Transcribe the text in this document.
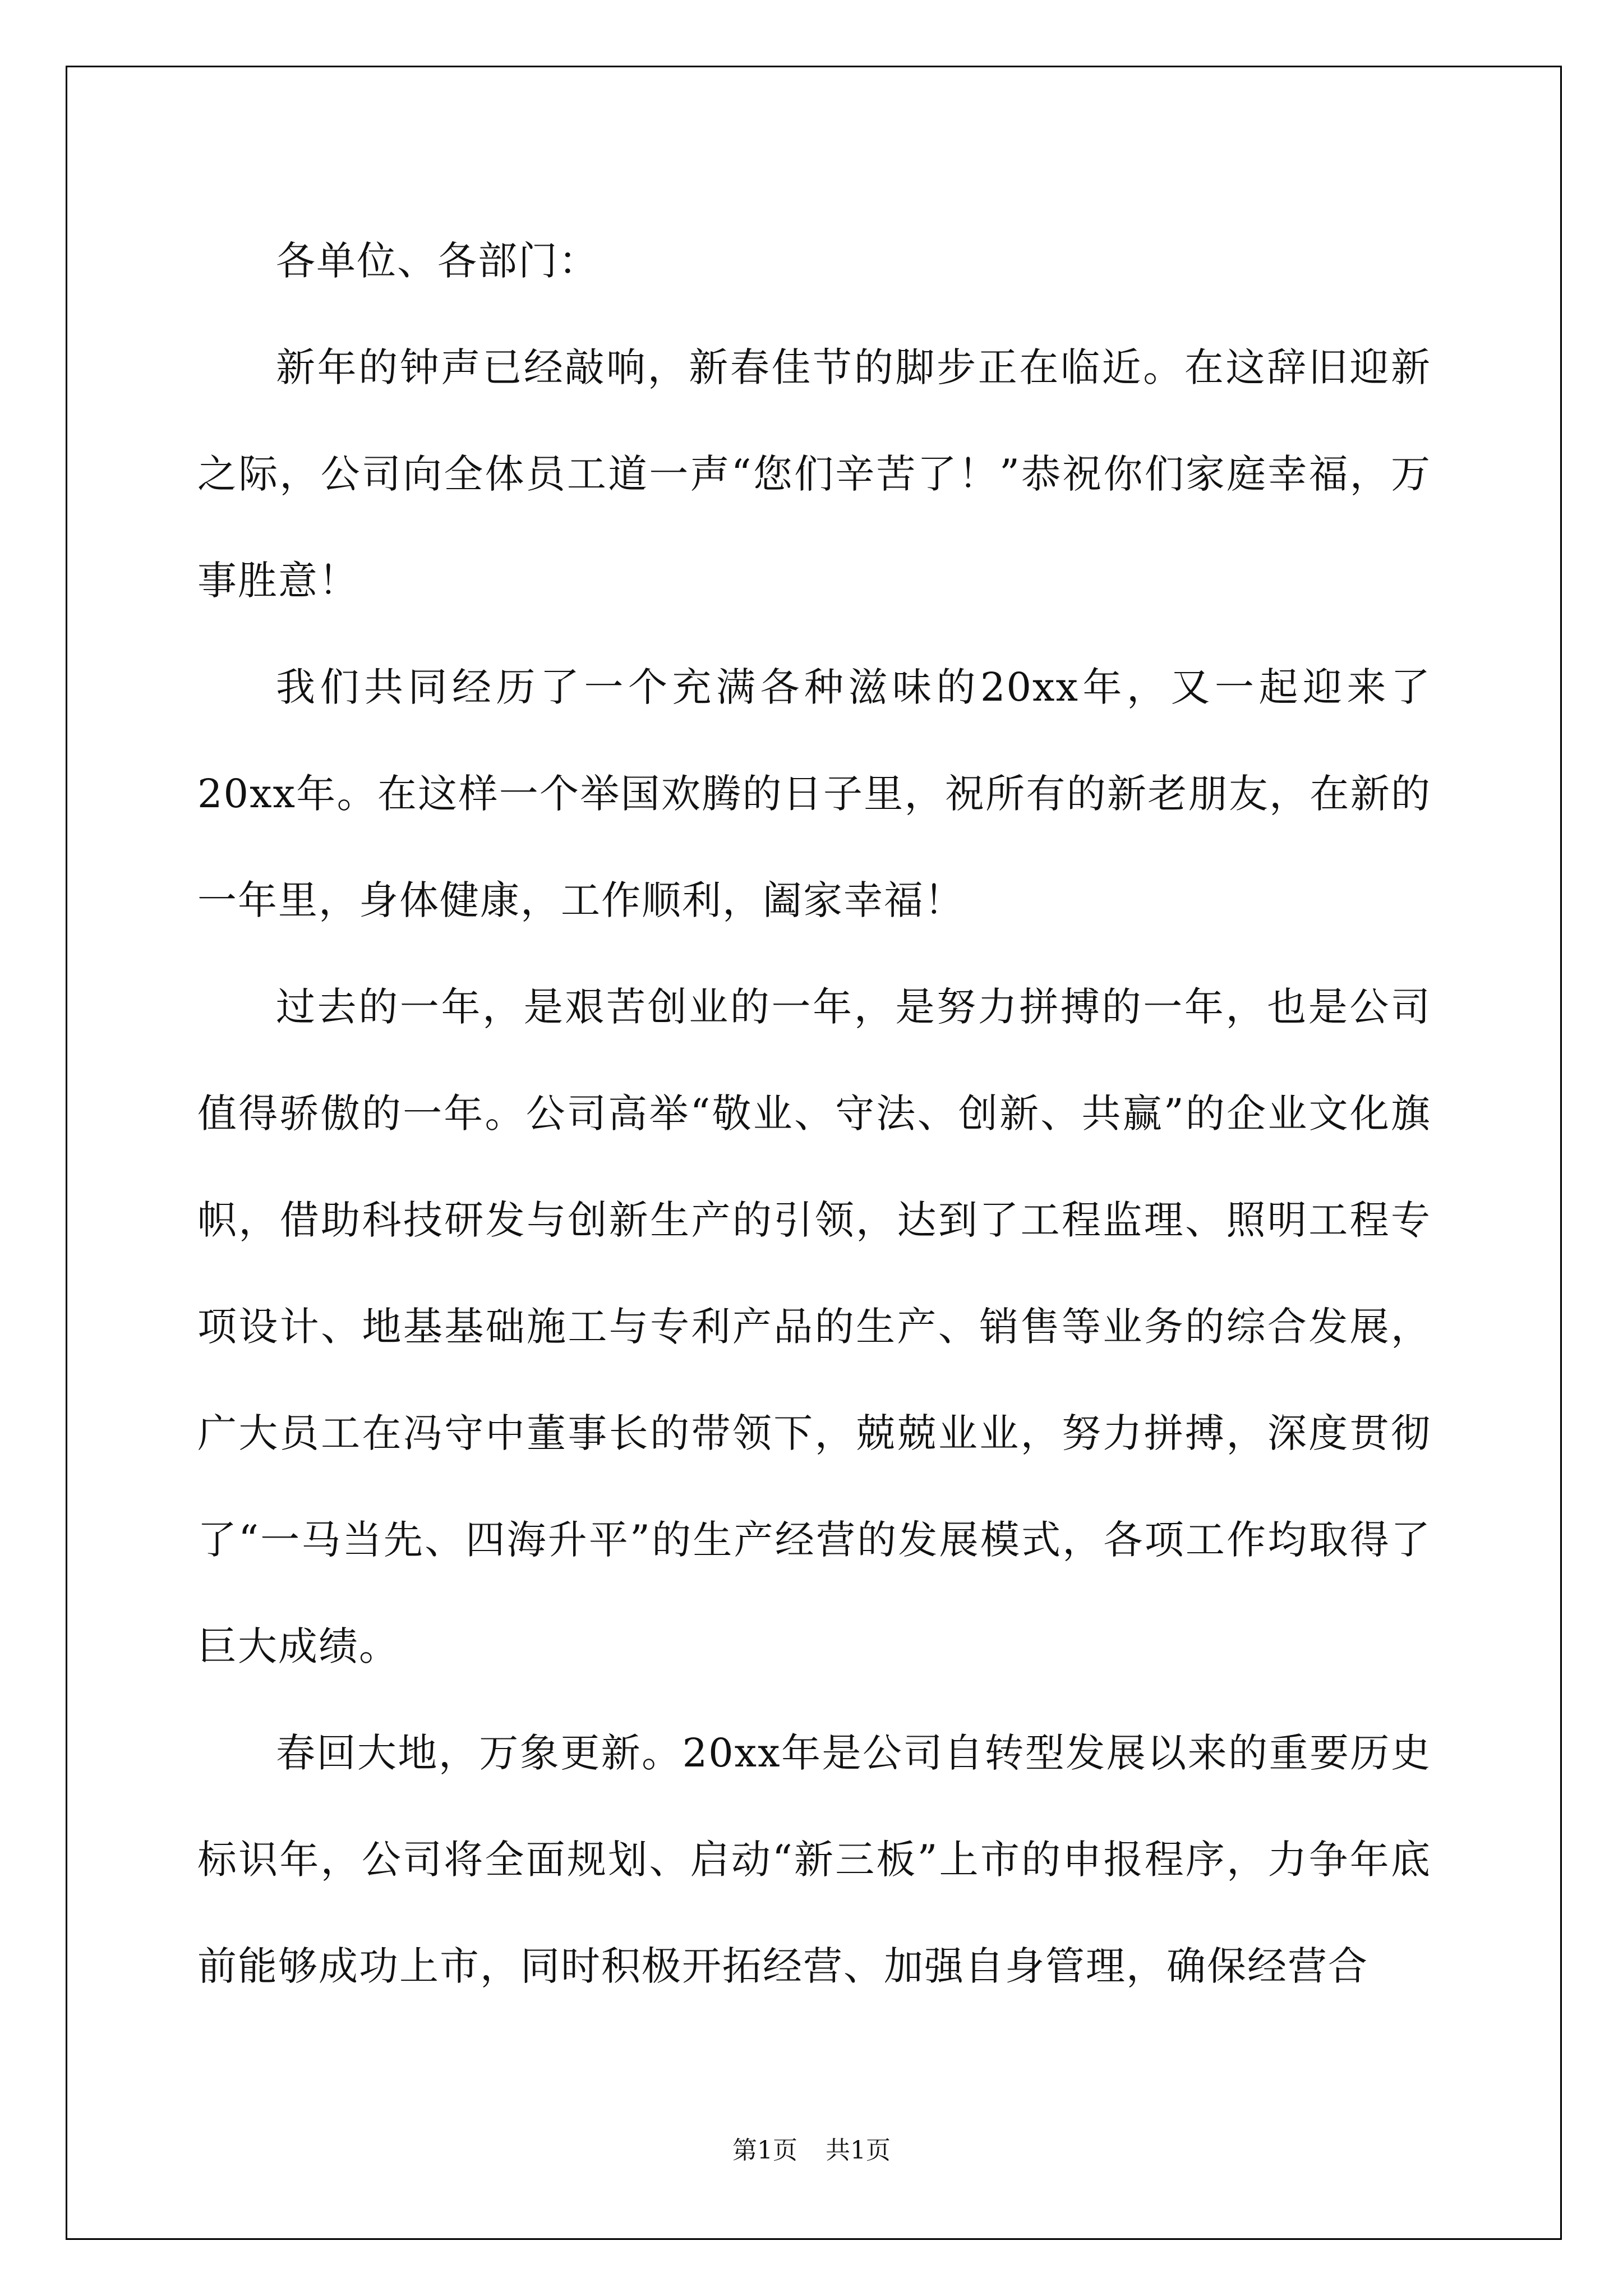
各单位、各部门：

新年的钟声已经敲响，新春佳节的脚步正在临近。在这辞旧迎新之际，公司向全体员工道一声“您们辛苦了！”恭祝你们家庭幸福，万事胜意！

我们共同经历了一个充满各种滋味的20xx年，又一起迎来了20xx年。在这样一个举国欢腾的日子里，祝所有的新老朋友，在新的一年里，身体健康，工作顺利，阖家幸福！

过去的一年，是艰苦创业的一年，是努力拼搏的一年，也是公司值得骄傲的一年。公司高举“敬业、守法、创新、共赢”的企业文化旗帜，借助科技研发与创新生产的引领，达到了工程监理、照明工程专项设计、地基基础施工与专利产品的生产、销售等业务的综合发展，广大员工在冯守中董事长的带领下，兢兢业业，努力拼搏，深度贯彻了“一马当先、四海升平”的生产经营的发展模式，各项工作均取得了巨大成绩。

春回大地，万象更新。20xx年是公司自转型发展以来的重要历史标识年，公司将全面规划、启动“新三板”上市的申报程序，力争年底前能够成功上市，同时积极开拓经营、加强自身管理，确保经营合

第1页 共1页
